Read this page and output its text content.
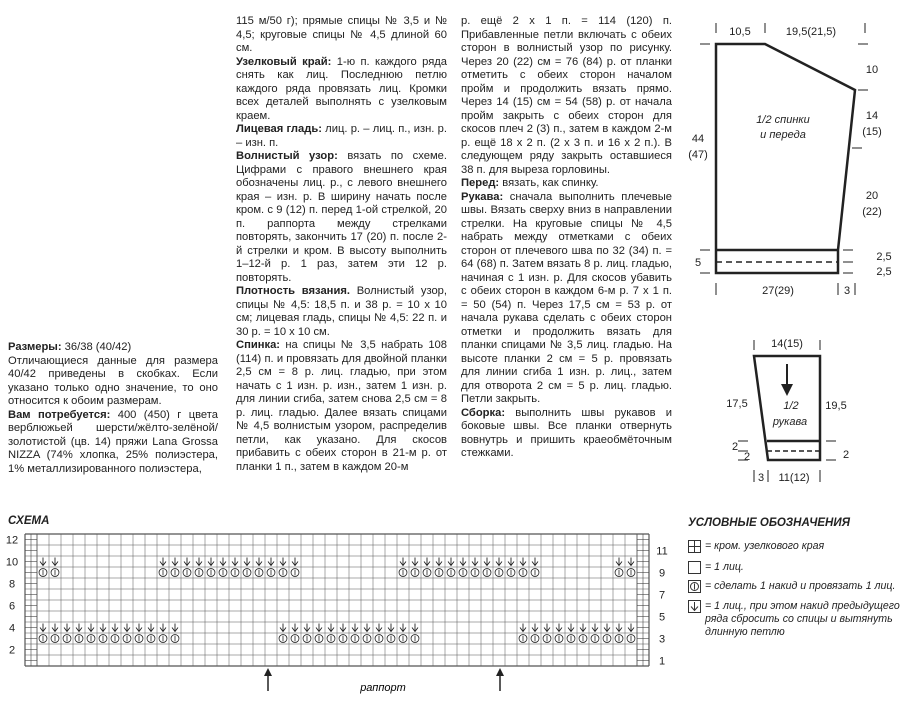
Размеры: 36/38 (40/42)

Отличающиеся данные для размера 40/42 приведены в скобках. Если указано только одно значение, то оно относится к обоим размерам.

Вам потребуется: 400 (450) г цвета верблюжьей шерсти/жёлто-зелёной/золотистой (цв. 14) пряжи Lana Grossa NIZZA (74% хлопка, 25% полиэстера, 1% металлизированного полиэстера,

115 м/50 г); прямые спицы № 3,5 и № 4,5; круговые спицы № 4,5 длиной 60 см.

Узелковый край: 1-ю п. каждого ряда снять как лиц. Последнюю петлю каждого ряда провязать лиц. Кромки всех деталей выполнять с узелковым краем.

Лицевая гладь: лиц. р. – лиц. п., изн. р. – изн. п.

Волнистый узор: вязать по схеме. Цифрами с правого внешнего края обозначены лиц. р., с левого внешнего края – изн. р. В ширину начать после кром. с 9 (12) п. перед 1-ой стрелкой, 20 п. раппорта между стрелками повторять, закончить 17 (20) п. после 2-й стрелки и кром. В высоту выполнить 1–12-й р. 1 раз, затем эти 12 р. повторять.

Плотность вязания. Волнистый узор, спицы № 4,5: 18,5 п. и 38 р. = 10 х 10 см; лицевая гладь, спицы № 4,5: 22 п. и 30 р. = 10 х 10 см.

Спинка: на спицы № 3,5 набрать 108 (114) п. и провязать для двойной планки 2,5 см = 8 р. лиц. гладью, при этом начать с 1 изн. р. изн., затем 1 изн. р. для линии сгиба, затем снова 2,5 см = 8 р. лиц. гладью. Далее вязать спицами № 4,5 волнистым узором, распределив петли, как указано. Для скосов прибавить с обеих сторон в 21-м р. от планки 1 п., затем в каждом 20-м

р. ещё 2 х 1 п. = 114 (120) п. Прибавленные петли включать с обеих сторон в волнистый узор по рисунку. Через 20 (22) см = 76 (84) р. от планки отметить с обеих сторон началом пройм и продолжить вязать прямо. Через 14 (15) см = 54 (58) р. от начала пройм закрыть с обеих сторон для скосов плеч 2 (3) п., затем в каждом 2-м р. ещё 18 х 2 п. (2 х 3 п. и 16 х 2 п.). В следующем ряду закрыть оставшиеся 38 п. для выреза горловины.

Перед: вязать, как спинку.

Рукава: сначала выполнить плечевые швы. Вязать сверху вниз в направлении стрелки. На круговые спицы № 4,5 набрать между отметками с обеих сторон от плечевого шва по 32 (34) п. = 64 (68) п. Затем вязать 8 р. лиц. гладью, начиная с 1 изн. р. Для скосов убавить с обеих сторон в каждом 6-м р. 7 х 1 п. = 50 (54) п. Через 17,5 см = 53 р. от начала рукава сделать с обеих сторон отметки и продолжить вязать для планки спицами № 3,5 лиц. гладью. На высоте планки 2 см = 5 р. провязать для линии сгиба 1 изн. р. лиц., затем для отворота 2 см = 5 р. лиц. гладью. Петли закрыть.

Сборка: выполнить швы рукавов и боковые швы. Все планки отвернуть вовнутрь и пришить краеобмёточным стежками.

10,5	19,5(21,5)
10
14
(15)
20
(22)
44
(47)
1/2 спинки
и переда
5	2,5
2,5
27(29)	3
14(15)
17,5	19,5
1/2
рукава
2
2	2
3 11(12)
СХЕМА
12
10
8
6
4
2
11
9
7
5
3
1
раппорт
УСЛОВНЫЕ ОБОЗНАЧЕНИЯ
= кром. узелкового края
= 1 лиц.
= сделать 1 накид и провязать 1 лиц.
= 1 лиц., при этом накид предыдущего ряда сбросить со спицы и вытянуть длинную петлю
